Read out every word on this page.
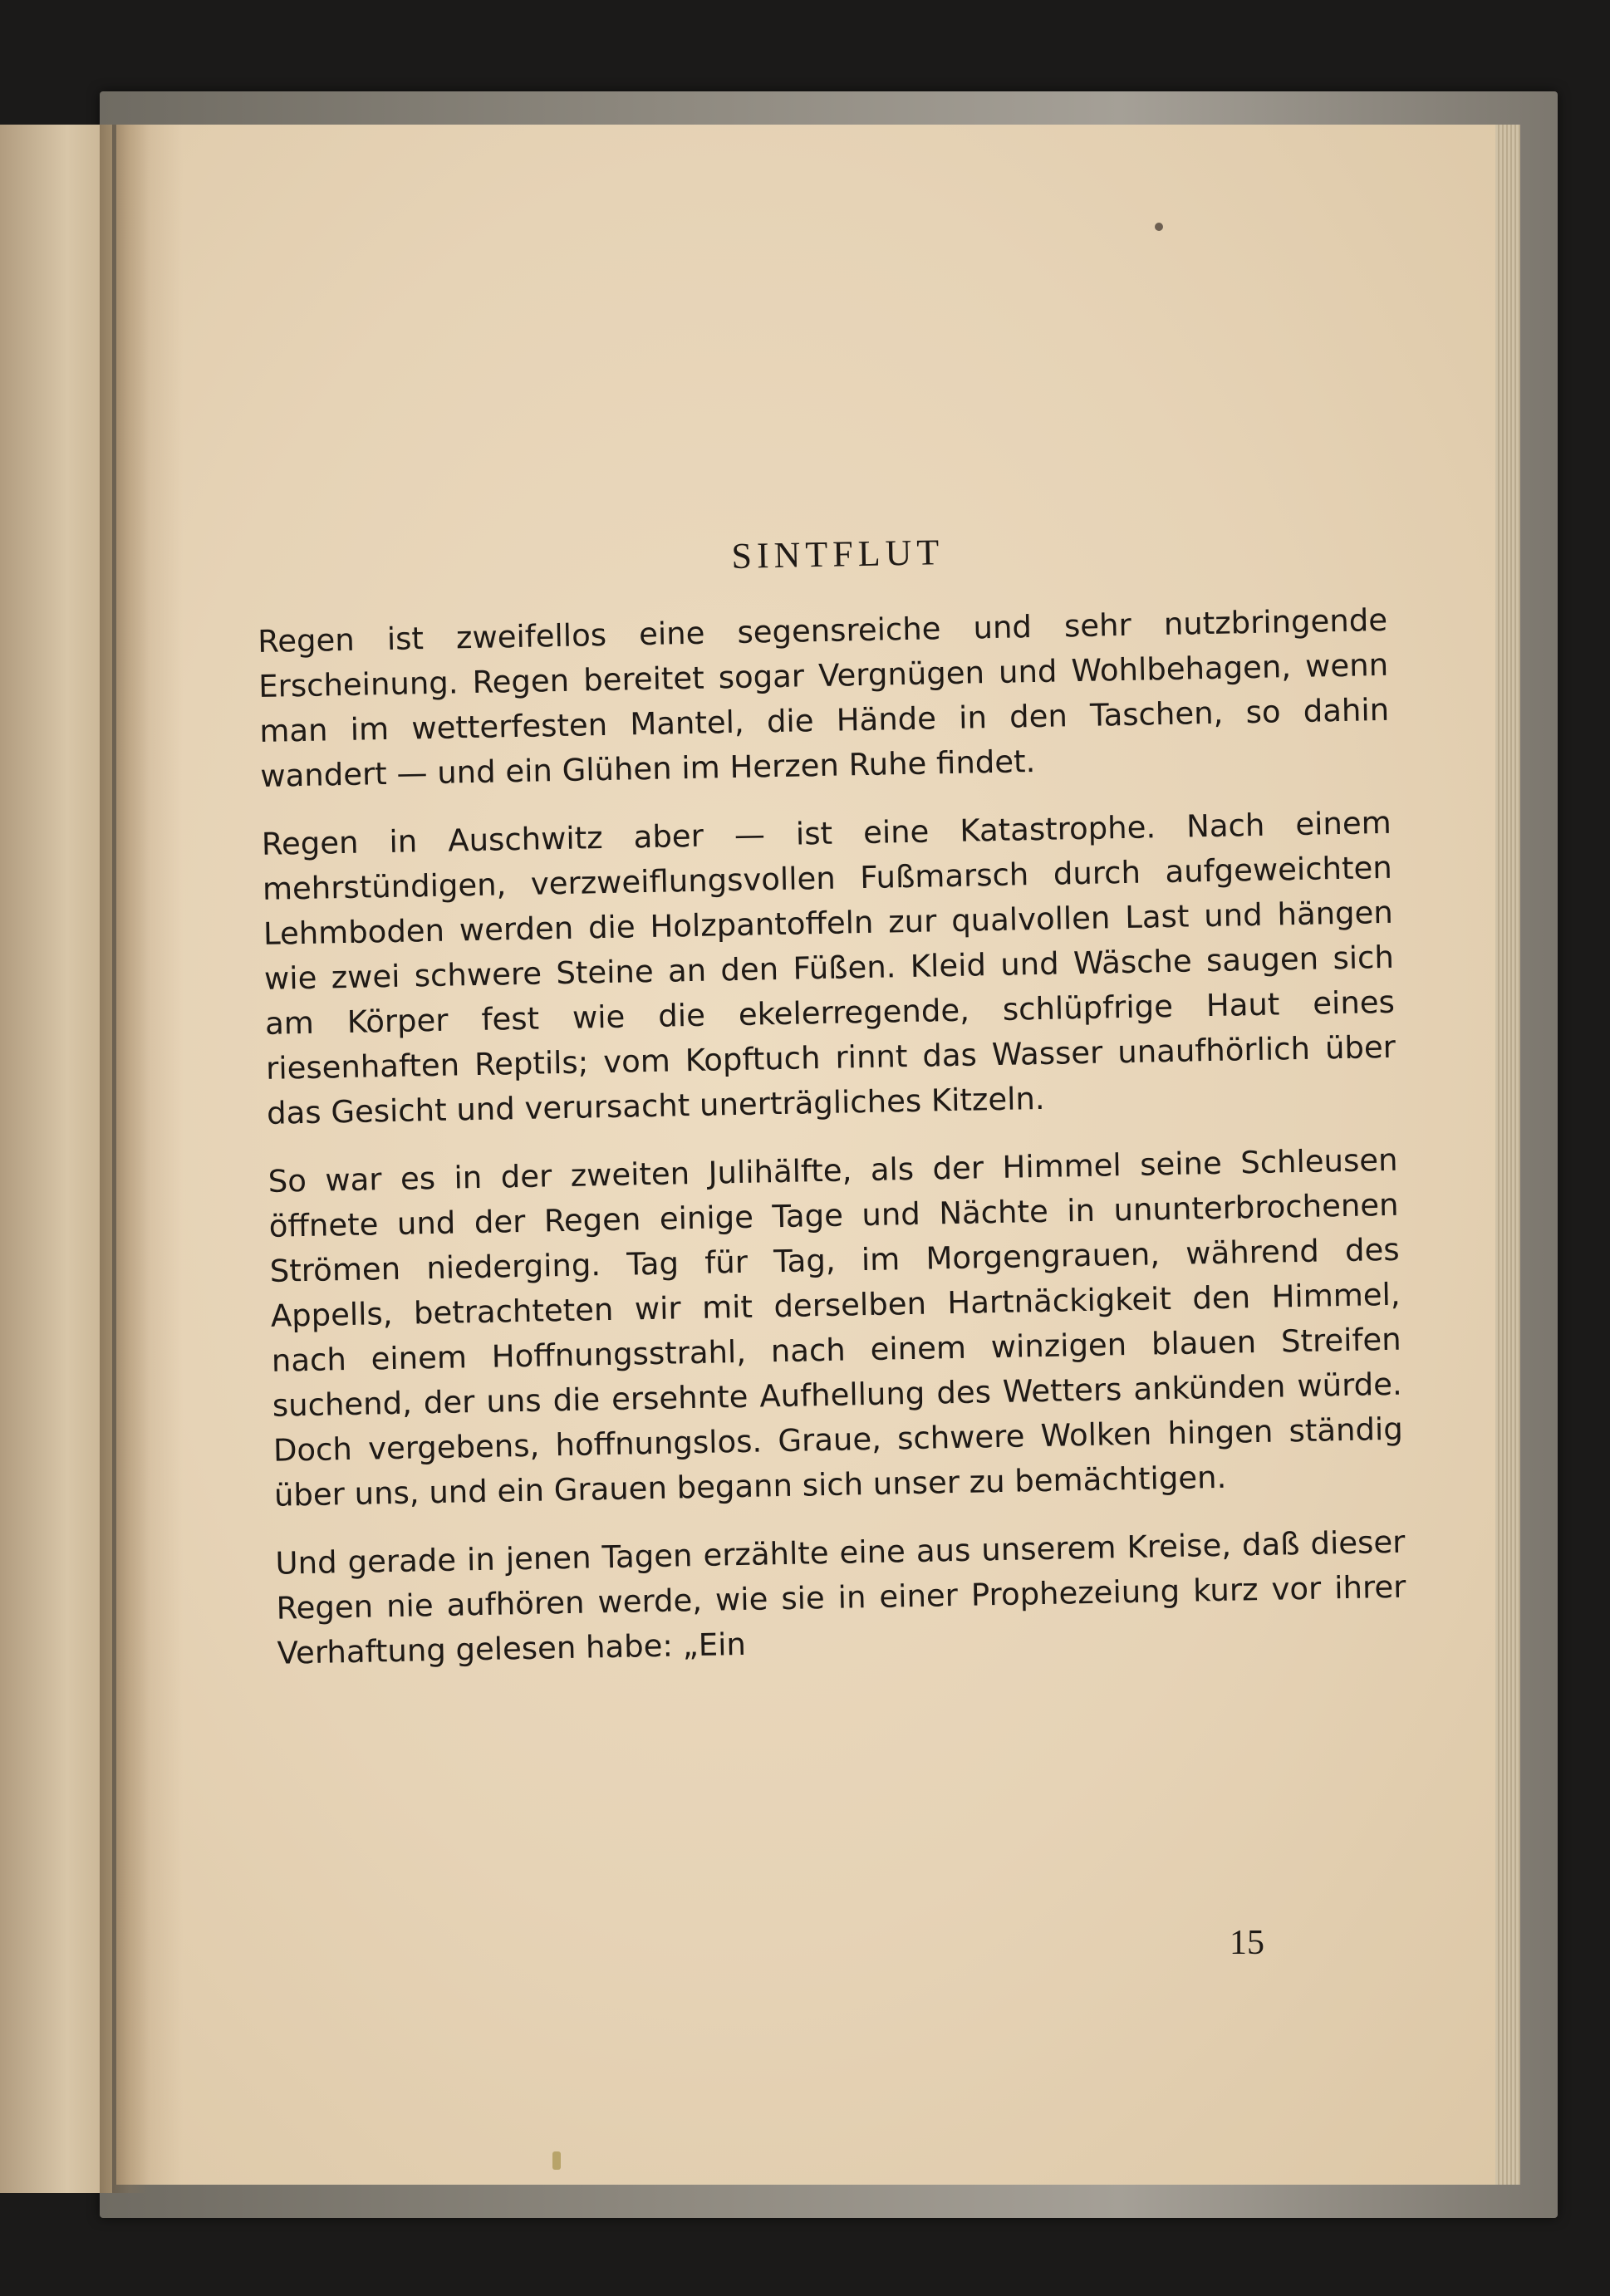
SINTFLUT

Regen ist zweifellos eine segensreiche und sehr nutzbringende Erscheinung. Regen bereitet sogar Vergnügen und Wohlbehagen, wenn man im wetterfesten Mantel, die Hände in den Taschen, so dahin wandert — und ein Glühen im Herzen Ruhe findet.

Regen in Auschwitz aber — ist eine Katastrophe. Nach einem mehrstündigen, verzweiflungsvollen Fußmarsch durch aufgeweichten Lehmboden werden die Holzpantoffeln zur qualvollen Last und hängen wie zwei schwere Steine an den Füßen. Kleid und Wäsche saugen sich am Körper fest wie die ekelerregende, schlüpfrige Haut eines riesenhaften Reptils; vom Kopftuch rinnt das Wasser unaufhörlich über das Gesicht und verursacht unerträgliches Kitzeln.

So war es in der zweiten Julihälfte, als der Himmel seine Schleusen öffnete und der Regen einige Tage und Nächte in ununterbrochenen Strömen niederging. Tag für Tag, im Morgengrauen, während des Appells, betrachteten wir mit derselben Hartnäckigkeit den Himmel, nach einem Hoffnungsstrahl, nach einem winzigen blauen Streifen suchend, der uns die ersehnte Aufhellung des Wetters ankünden würde. Doch vergebens, hoffnungslos. Graue, schwere Wolken hingen ständig über uns, und ein Grauen begann sich unser zu bemächtigen.

Und gerade in jenen Tagen erzählte eine aus unserem Kreise, daß dieser Regen nie aufhören werde, wie sie in einer Prophezeiung kurz vor ihrer Verhaftung gelesen habe: „Ein

15
